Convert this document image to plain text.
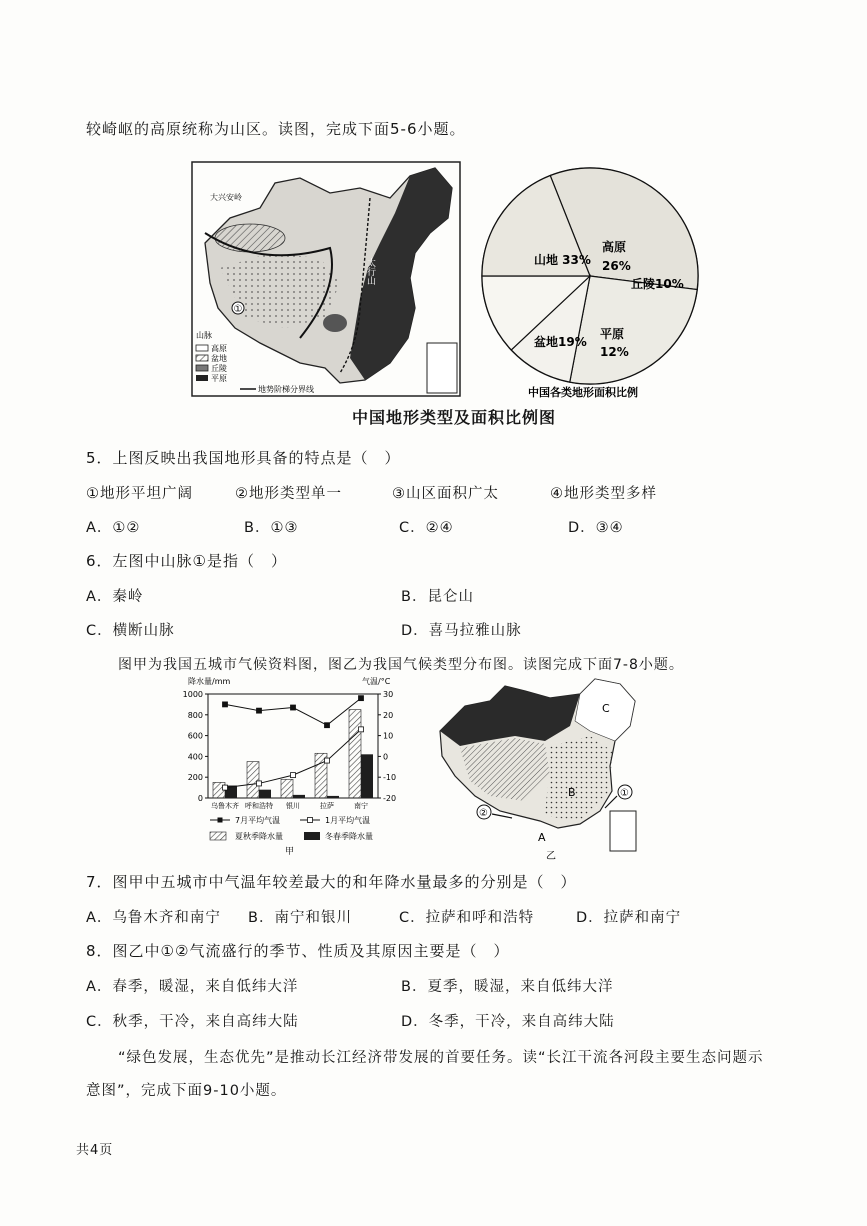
较崎岖的高原统称为山区。读图，完成下面5-6小题。
①
大兴安岭
太行山
山脉
高原
盆地
丘陵
平原
地势阶梯分界线
山地 33%
高原
26%
丘陵10%
平原
12%
盆地19%
中国各类地形面积比例
中国地形类型及面积比例图
5．上图反映出我国地形具备的特点是（　）
①地形平坦广阔	②地形类型单一	③山区面积广太	④地形类型多样
A．①②	B．①③	C．②④	D．③④
6．左图中山脉①是指（　）
A．秦岭	B．昆仑山
C．横断山脉	D．喜马拉雅山脉
图甲为我国五城市气候资料图，图乙为我国气候类型分布图。读图完成下面7-8小题。
降水量/mm	气温/°C
0
200
400
600
800
1000
-20
-10
0
10
20
30
乌鲁木齐 呼和浩特 银川	拉萨	南宁
7月平均气温	1月平均气温
夏秋季降水量	冬春季降水量
甲
C
B
A
①
②
乙
7．图甲中五城市中气温年较差最大的和年降水量最多的分别是（　）
A．乌鲁木齐和南宁 B．南宁和银川	C．拉萨和呼和浩特	D．拉萨和南宁
8．图乙中①②气流盛行的季节、性质及其原因主要是（　）
A．春季，暖湿，来自低纬大洋	B．夏季，暖湿，来自低纬大洋
C．秋季，干冷，来自高纬大陆	D．冬季，干冷，来自高纬大陆
“绿色发展，生态优先”是推动长江经济带发展的首要任务。读“长江干流各河段主要生态问题示
意图”，完成下面9-10小题。
共4页
